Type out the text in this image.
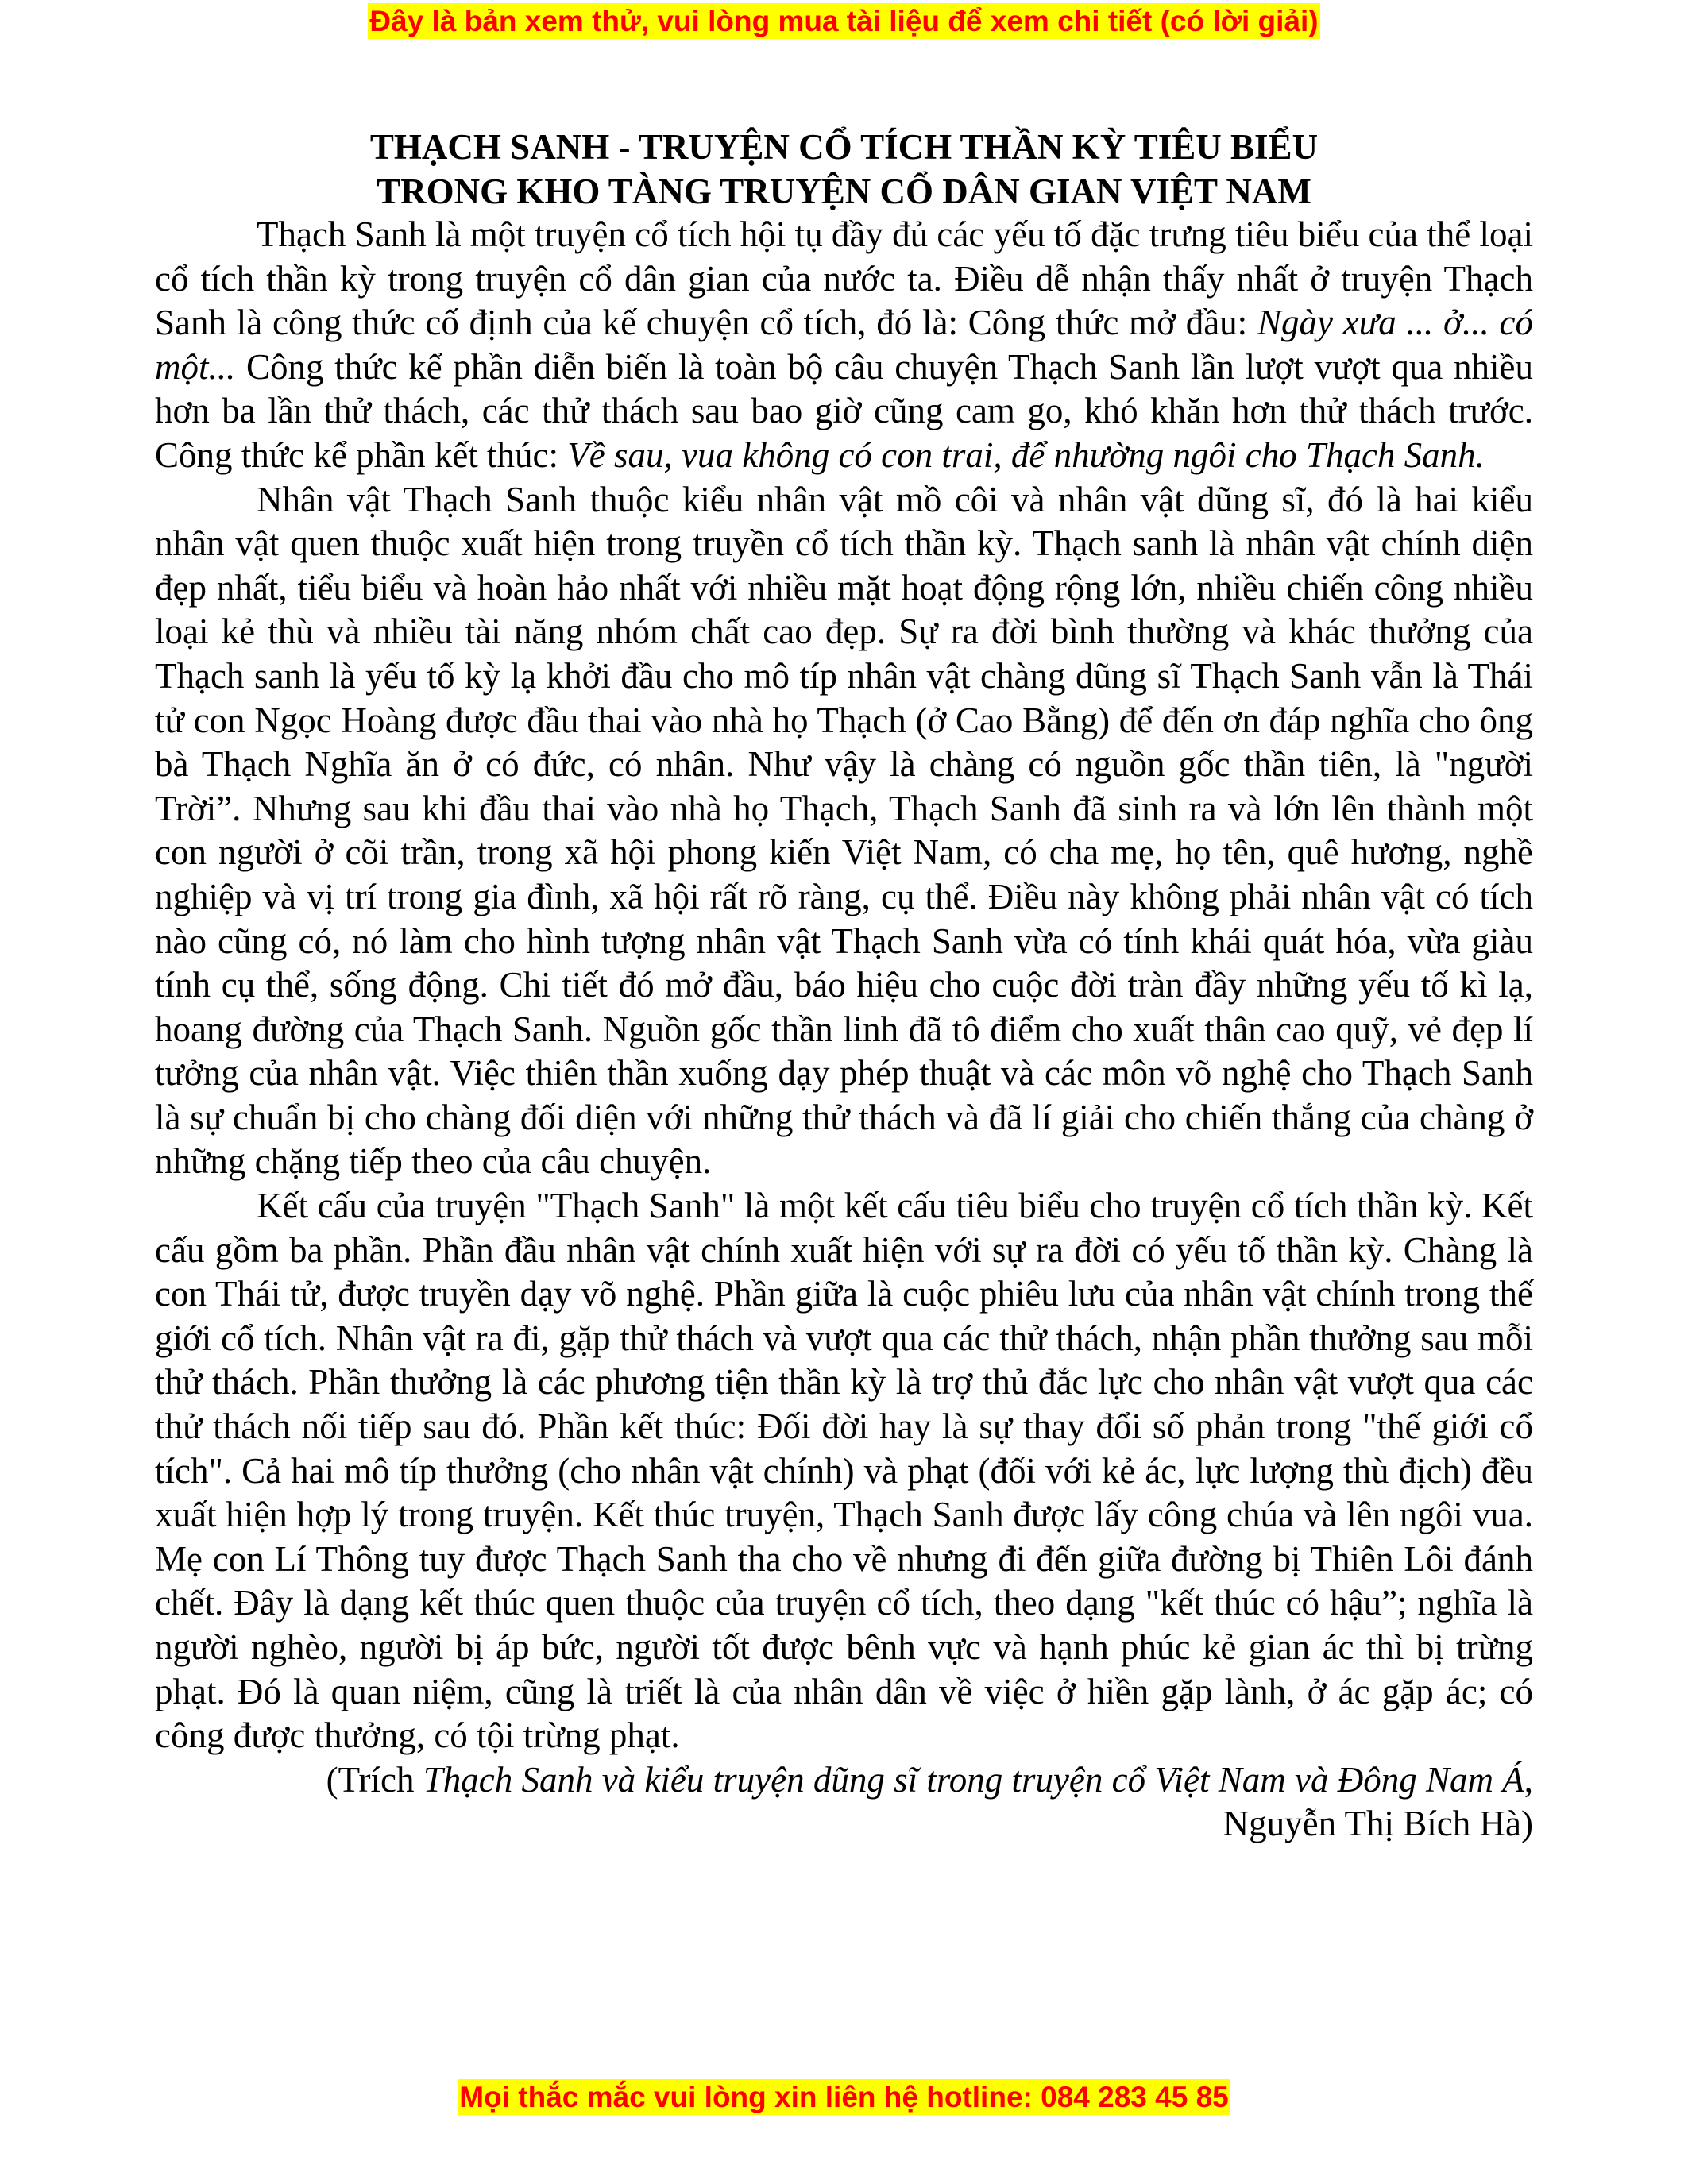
Đây là bản xem thử, vui lòng mua tài liệu để xem chi tiết (có lời giải)
THẠCH SANH - TRUYỆN CỔ TÍCH THẦN KỲ TIÊU BIỂU
TRONG KHO TÀNG TRUYỆN CỔ DÂN GIAN VIỆT NAM

Thạch Sanh là một truyện cổ tích hội tụ đầy đủ các yếu tố đặc trưng tiêu biểu của thể loại cổ tích thần kỳ trong truyện cổ dân gian của nước ta. Điều dễ nhận thấy nhất ở truyện Thạch Sanh là công thức cố định của kế chuyện cổ tích, đó là: Công thức mở đầu: Ngày xưa ... ở... có một... Công thức kể phần diễn biến là toàn bộ câu chuyện Thạch Sanh lần lượt vượt qua nhiều hơn ba lần thử thách, các thử thách sau bao giờ cũng cam go, khó khăn hơn thử thách trước. Công thức kể phần kết thúc: Về sau, vua không có con trai, để nhường ngôi cho Thạch Sanh.

Nhân vật Thạch Sanh thuộc kiểu nhân vật mồ côi và nhân vật dũng sĩ, đó là hai kiểu nhân vật quen thuộc xuất hiện trong truyền cổ tích thần kỳ. Thạch sanh là nhân vật chính diện đẹp nhất, tiểu biểu và hoàn hảo nhất với nhiều mặt hoạt động rộng lớn, nhiều chiến công nhiều loại kẻ thù và nhiều tài năng nhóm chất cao đẹp. Sự ra đời bình thường và khác thưởng của Thạch sanh là yếu tố kỳ lạ khởi đầu cho mô típ nhân vật chàng dũng sĩ Thạch Sanh vẫn là Thái tử con Ngọc Hoàng được đầu thai vào nhà họ Thạch (ở Cao Bằng) để đến ơn đáp nghĩa cho ông bà Thạch Nghĩa ăn ở có đức, có nhân. Như vậy là chàng có nguồn gốc thần tiên, là "người Trời”. Nhưng sau khi đầu thai vào nhà họ Thạch, Thạch Sanh đã sinh ra và lớn lên thành một con người ở cõi trần, trong xã hội phong kiến Việt Nam, có cha mẹ, họ tên, quê hương, nghề nghiệp và vị trí trong gia đình, xã hội rất rõ ràng, cụ thể. Điều này không phải nhân vật có tích nào cũng có, nó làm cho hình tượng nhân vật Thạch Sanh vừa có tính khái quát hóa, vừa giàu tính cụ thể, sống động. Chi tiết đó mở đầu, báo hiệu cho cuộc đời tràn đầy những yếu tố kì lạ, hoang đường của Thạch Sanh. Nguồn gốc thần linh đã tô điểm cho xuất thân cao quỹ, vẻ đẹp lí tưởng của nhân vật. Việc thiên thần xuống dạy phép thuật và các môn võ nghệ cho Thạch Sanh là sự chuẩn bị cho chàng đối diện với những thử thách và đã lí giải cho chiến thắng của chàng ở những chặng tiếp theo của câu chuyện.

Kết cấu của truyện "Thạch Sanh" là một kết cấu tiêu biểu cho truyện cổ tích thần kỳ. Kết cấu gồm ba phần. Phần đầu nhân vật chính xuất hiện với sự ra đời có yếu tố thần kỳ. Chàng là con Thái tử, được truyền dạy võ nghệ. Phần giữa là cuộc phiêu lưu của nhân vật chính trong thế giới cổ tích. Nhân vật ra đi, gặp thử thách và vượt qua các thử thách, nhận phần thưởng sau mỗi thử thách. Phần thưởng là các phương tiện thần kỳ là trợ thủ đắc lực cho nhân vật vượt qua các thử thách nối tiếp sau đó. Phần kết thúc: Đối đời hay là sự thay đổi số phản trong "thế giới cổ tích". Cả hai mô típ thưởng (cho nhân vật chính) và phạt (đối với kẻ ác, lực lượng thù địch) đều xuất hiện hợp lý trong truyện. Kết thúc truyện, Thạch Sanh được lấy công chúa và lên ngôi vua. Mẹ con Lí Thông tuy được Thạch Sanh tha cho về nhưng đi đến giữa đường bị Thiên Lôi đánh chết. Đây là dạng kết thúc quen thuộc của truyện cổ tích, theo dạng "kết thúc có hậu”; nghĩa là người nghèo, người bị áp bức, người tốt được bênh vực và hạnh phúc kẻ gian ác thì bị trừng phạt. Đó là quan niệm, cũng là triết là của nhân dân về việc ở hiền gặp lành, ở ác gặp ác; có công được thưởng, có tội trừng phạt.

(Trích Thạch Sanh và kiểu truyện dũng sĩ trong truyện cổ Việt Nam và Đông Nam Á,
Nguyễn Thị Bích Hà)
Mọi thắc mắc vui lòng xin liên hệ hotline: 084 283 45 85
